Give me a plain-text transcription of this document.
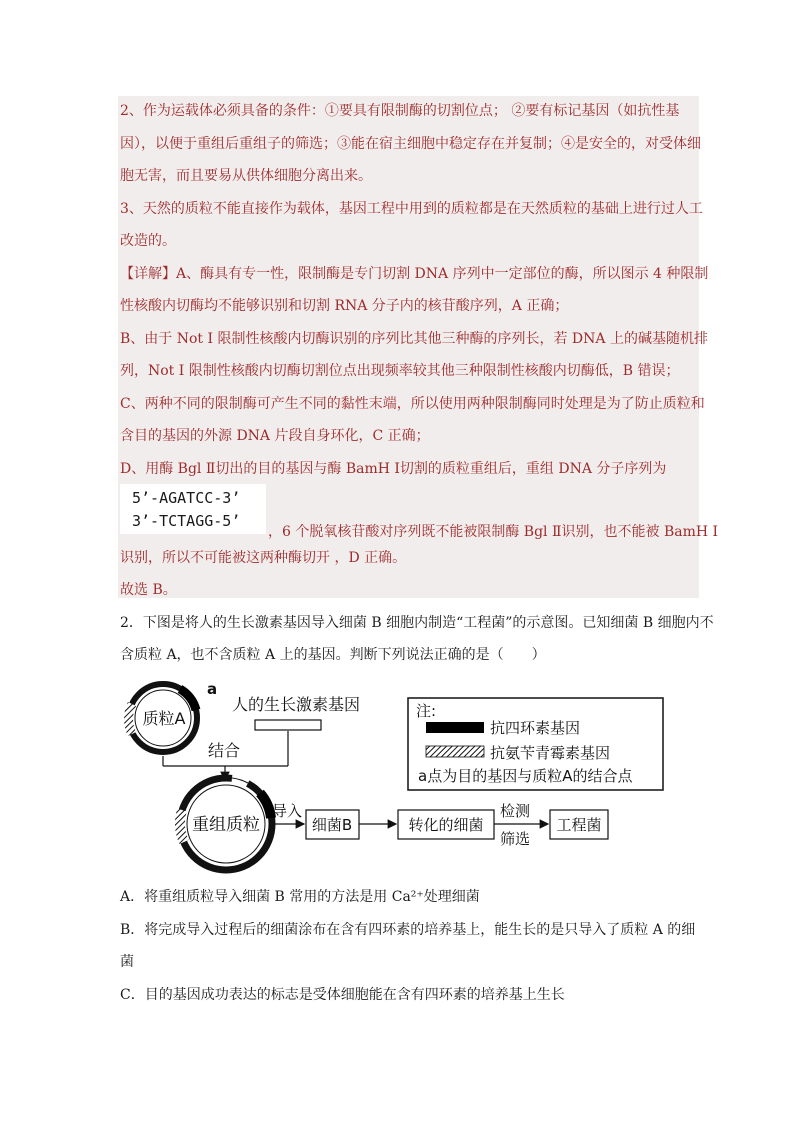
2、作为运载体必须具备的条件：①要具有限制酶的切割位点； ②要有标记基因（如抗性基
因），以便于重组后重组子的筛选；③能在宿主细胞中稳定存在并复制；④是安全的，对受体细
胞无害，而且要易从供体细胞分离出来。
3、天然的质粒不能直接作为载体，基因工程中用到的质粒都是在天然质粒的基础上进行过人工
改造的。
【详解】A、酶具有专一性，限制酶是专门切割 DNA 序列中一定部位的酶，所以图示 4 种限制
性核酸内切酶均不能够识别和切割 RNA 分子内的核苷酸序列，A 正确；
B、由于 Not I 限制性核酸内切酶识别的序列比其他三种酶的序列长，若 DNA 上的碱基随机排
列，Not I 限制性核酸内切酶切割位点出现频率较其他三种限制性核酸内切酶低，B 错误；
C、两种不同的限制酶可产生不同的黏性末端，所以使用两种限制酶同时处理是为了防止质粒和
含目的基因的外源 DNA 片段自身环化，C 正确；
D、用酶 Bgl Ⅱ切出的目的基因与酶 BamH Ⅰ切割的质粒重组后，重组 DNA 分子序列为
5’-AGATCC-3’
3’-TCTAGG-5’
，6 个脱氧核苷酸对序列既不能被限制酶 Bgl Ⅱ识别，也不能被 BamH Ⅰ
识别，所以不可能被这两种酶切开 ，D 正确。
故选 B。
2．下图是将人的生长激素基因导入细菌 B 细胞内制造“工程菌”的示意图。已知细菌 B 细胞内不
含质粒 A，也不含质粒 A 上的基因。判断下列说法正确的是（　　）
质粒A
a
人的生长激素基因
结合
重组质粒
导入
细菌B	转化的细菌
检测
筛选
工程菌
注:
抗四环素基因
抗氨苄青霉素基因
a点为目的基因与质粒A的结合点
A．将重组质粒导入细菌 B 常用的方法是用 Ca²⁺处理细菌
B．将完成导入过程后的细菌涂布在含有四环素的培养基上，能生长的是只导入了质粒 A 的细
菌
C．目的基因成功表达的标志是受体细胞能在含有四环素的培养基上生长
